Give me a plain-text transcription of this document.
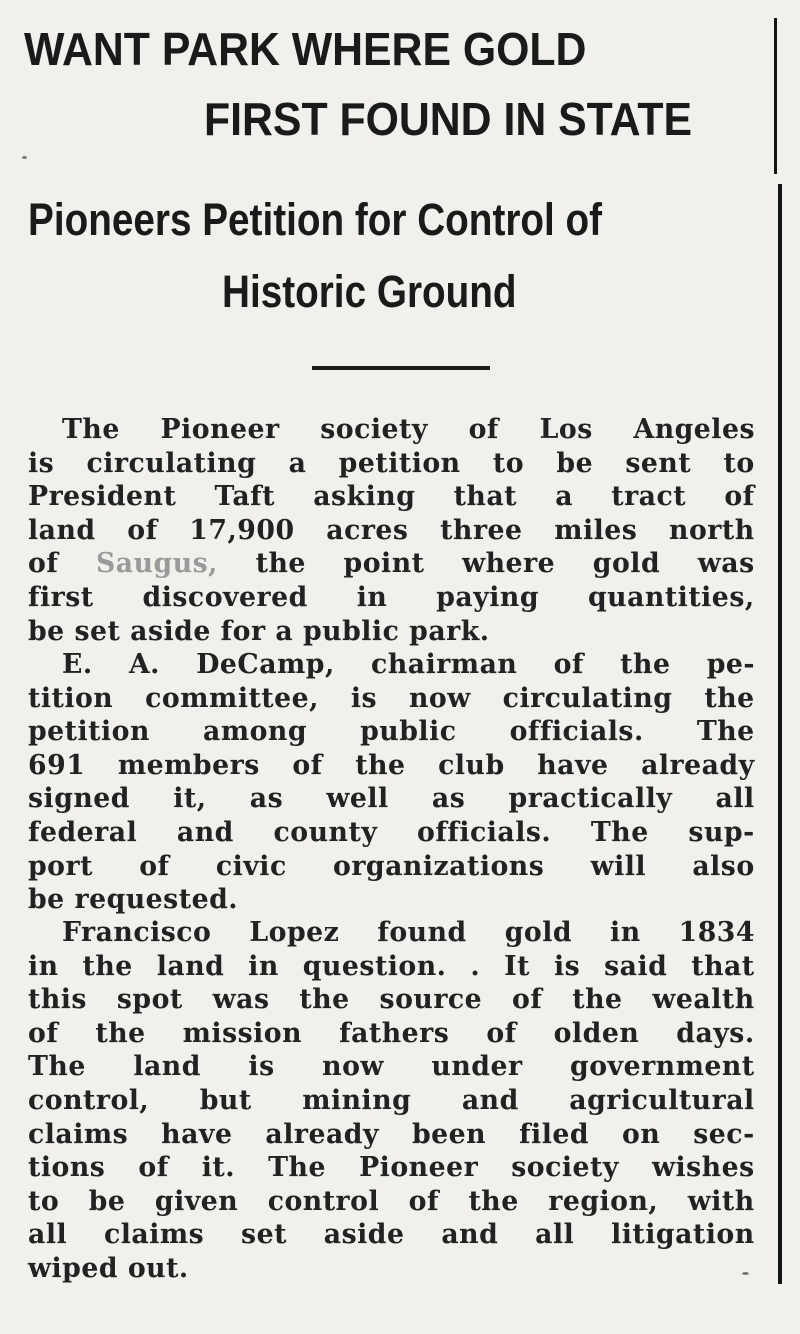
WANT PARK WHERE GOLD
FIRST FOUND IN STATE
Pioneers Petition for Control of
Historic Ground

The Pioneer society of Los Angeles

is circulating a petition to be sent to

President Taft asking that a tract of

land of 17,900 acres three miles north

of Saugus, the point where gold was

first discovered in paying quantities,

be set aside for a public park.

E. A. DeCamp, chairman of the pe-

tition committee, is now circulating the

petition among public officials. The

691 members of the club have already

signed it, as well as practically all

federal and county officials. The sup-

port of civic organizations will also

be requested.

Francisco Lopez found gold in 1834

in the land in question. . It is said that

this spot was the source of the wealth

of the mission fathers of olden days.

The land is now under government

control, but mining and agricultural

claims have already been filed on sec-

tions of it. The Pioneer society wishes

to be given control of the region, with

all claims set aside and all litigation

wiped out.
